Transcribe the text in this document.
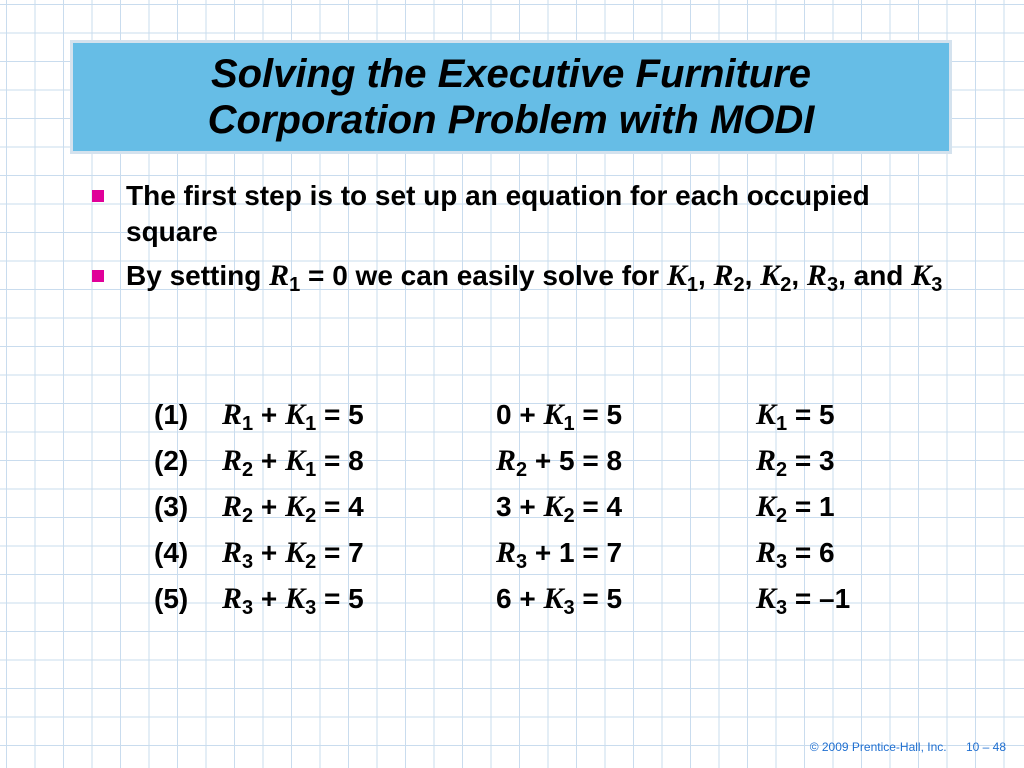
Solving the Executive Furniture
Corporation Problem with MODI
The first step is to set up an equation for each occupied square
By setting $R_1 = 0$ we can easily solve for $K_1$, $R_2$, $K_2$, $R_3$, and $K_3$
(1) $R_1 + K_1 = 5$	$0 + K_1 = 5$	$K_1 = 5$
(2) $R_2 + K_1 = 8$	$R_2 + 5 = 8$	$R_2 = 3$
(3) $R_2 + K_2 = 4$	$3 + K_2 = 4$	$K_2 = 1$
(4) $R_3 + K_2 = 7$	$R_3 + 1 = 7$	$R_3 = 6$
(5) $R_3 + K_3 = 5$	$6 + K_3 = 5$	$K_3 = -1$
© 2009 Prentice-Hall, Inc. 10 – 48
